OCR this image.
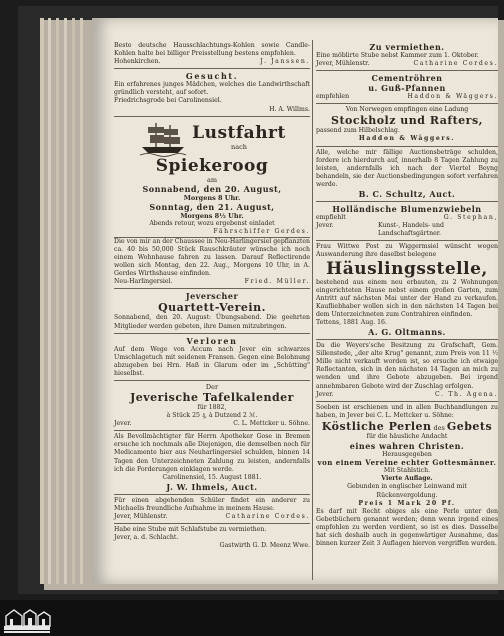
Beste deutsche Hausschlachtungs-Kohlen sowie Candle-Kohlen halte bei billiger Preisstellung bestens empfohlen.
Hohenkirchen.	J. Janssen.
Gesucht.
Ein erfahrenes junges Mädchen, welches die Landwirthschaft gründlich versteht, auf sofort.
Friedrichsgrode bei Carolinensiel.
H. A. Willms.
Lustfahrt
nach
Spiekeroog
am
Sonnabend, den 20. August,
Morgens 8 Uhr.
Sonntag, den 21. August,
Morgens 8½ Uhr.
Abends retour, wozu ergebenst einladet
Fährschiffer Gerdes.
Die von mir an der Chaussee in Neu-Harlingersiel gepflanzten ca. 40 bis 50,000 Stück Rauschkräuter wünsche ich noch einem Wohnhause fahren zu lassen. Darauf Reflectirende wollen sich Montag, den 22. Aug., Morgens 10 Uhr, in A. Gerdes Wirthshause einfinden.
Neu-Harlingersiel.	Fried. Müller.
Jeverscher
Quartett-Verein.
Sonnabend, den 20. August: Übungsabend. Die geehrten Mitglieder werden gebeten, ihre Damen mitzubringen.
Verloren
Auf dem Wege von Accum nach Jever ein schwarzes Umschlagetuch mit seidenen Fransen. Gegen eine Belohnung abzugeben bei Hrn. Haß in Glarum oder im „Schütting" hieselbst.
Der
Jeverische Tafelkalender
für 1882,
à Stück 25 ₰, à Dutzend 2 ℳ.
Jever.	C. L. Mettcker u. Söhne.
Als Bevollmächtigter für Herrn Apotheker Gose in Bremen ersuche ich nochmals alle Diejenigen, die demselben noch für Medicamente hier aus Neuharlingersiel schulden, binnen 14 Tagen den Unterzeichneten Zahlung zu leisten, andernfalls ich die Forderungen einklagen werde.
Carolinensiel, 15. August 1881.
J. W. Ihmels, Auct.
Für einen abgehenden Schüler findet ein anderer zu Michaelis freundliche Aufnahme in meinem Hause.
Jever, Mühlenstr.	Catharine Cordes.
Habe eine Stube mit Schlafstube zu vermiethen.
Jever, a. d. Schlacht.
Gastwirth G. D. Meenz Wwe.
Zu vermiethen.
Eine möblirte Stube nebst Kammer zum 1. Oktober.
Jever, Mühlenstr.	Catharine Cordes.
Cementröhren
u. Guß-Pfannen
empfehlen	Haddon & Wäggers.
Von Norwegen empfingen eine Ladung
Stockholz und Rafters,
passend zum Hilbelschlag.
Haddon & Wäggers.
Alle, welche mir fällige Auctionsbeträge schulden, fordere ich hierdurch auf, innerhalb 8 Tagen Zahlung zu leisten, andernfalls ich nach der Viertel Beyng behandeln, sie der Auctionsbedingungen sofort verfahren werde.
B. C. Schultz, Auct.
Holländische Blumenzwiebeln
empfiehlt	G. Stephan,
Jever.	Kunst-, Handels- und Landschaftsgärtner.
Frau Wittwe Post zu Wiggermsiel wünscht wegen Auswanderung ihre daselbst belegene
Häuslingsstelle,
bestehend aus einem neu erbauten, zu 2 Wohnungen eingerichteten Hause nebst einem großen Garten, zum Antritt auf nächsten Mai unter der Hand zu verkaufen. Kaufliebhaber wollen sich in den nächsten 14 Tagen bei dem Unterzeichneten zum Contrahiren einfinden.
Tettens, 1881 Aug. 16.
A. G. Oltmanns.
Da die Weyers'sche Besitzung zu Grafschaft, Gem. Sillenstede, „der alte Krug" genannt, zum Preis von 11 ½ Mille nicht verkauft worden ist, so ersuche ich etwaige Reflectanten, sich in den nächsten 14 Tagen an mich zu wenden und ihre Gebote abzugeben. Bei irgend annehmbaren Gebote wird der Zuschlag erfolgen.
Jever.	C. Th. Agena.
Soeben ist erschienen und in allen Buchhandlungen zu haben, in Jever bei C. L. Mettcker u. Söhne:
Köstliche Perlen des Gebets
für die häusliche Andacht
eines wahren Christen.
Herausgegeben
von einem Vereine echter Gottesmänner.
Mit Stahlstich.
Vierte Auflage.
Gebunden in englischer Leinwand mit Rückenvergoldung.
Preis 1 Mark 20 Pf.
Es darf mit Recht obiges als eine Perle unter den Gebetbüchern genannt werden; denn wenn irgend eines empfohlen zu werden verdient, so ist es dies. Dasselbe hat sich deshalb auch in gegenwärtiger Ausnahme, das binnen kurzer Zeit 3 Auflagen hiervon vergriffen wurden.
